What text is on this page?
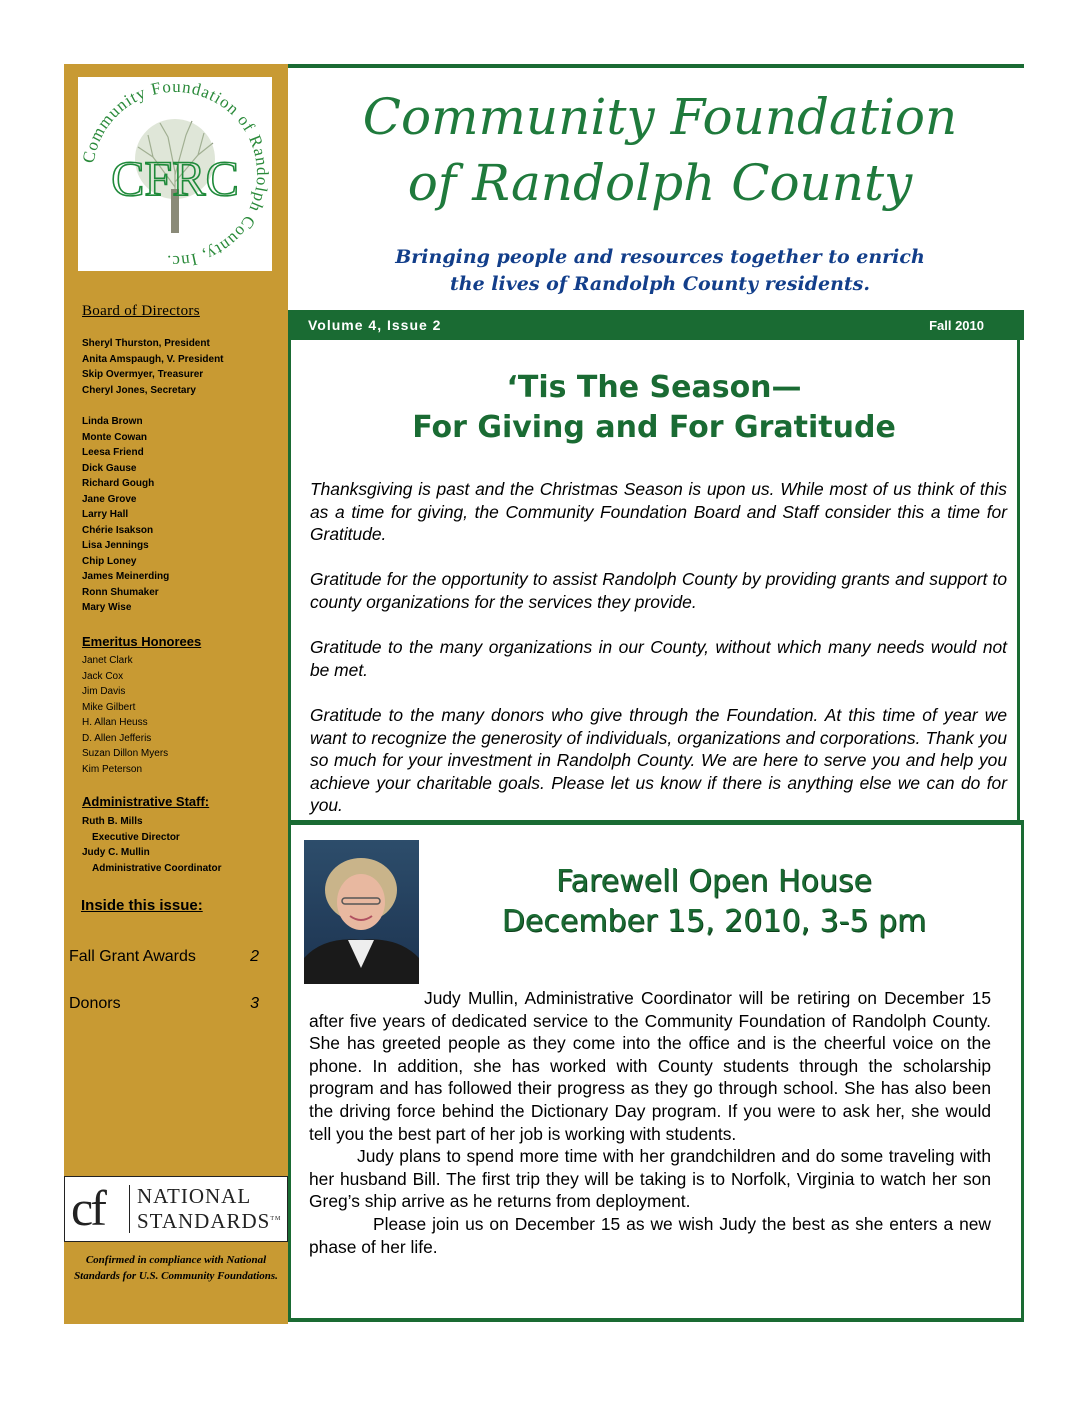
CFRC
Community Foundation of Randolph County, Inc.
Board of Directors
Sheryl Thurston, President
Anita Amspaugh, V. President
Skip Overmyer, Treasurer
Cheryl Jones, Secretary
Linda Brown
Monte Cowan
Leesa Friend
Dick Gause
Richard Gough
Jane Grove
Larry Hall
Chérie Isakson
Lisa Jennings
Chip Loney
James Meinerding
Ronn Shumaker
Mary Wise
Emeritus Honorees
Janet Clark
Jack Cox
Jim Davis
Mike Gilbert
H. Allan Heuss
D. Allen Jefferis
Suzan Dillon Myers
Kim Peterson
Administrative Staff:
Ruth B. Mills
Executive Director
Judy C. Mullin
Administrative Coordinator
Inside this issue:
Fall Grant Awards	2
Donors	3
cf NATIONAL
STANDARDS™
Confirmed in compliance with National Standards for U.S. Community Foundations.
Community Foundation
of Randolph County
Bringing people and resources together to enrich
the lives of Randolph County residents.
Volume 4, Issue 2	Fall 2010
‘Tis The Season—
For Giving and For Gratitude

Thanksgiving is past and the Christmas Season is upon us. While most of us think of this as a time for giving, the Community Foundation Board and Staff consider this a time for Gratitude.

Gratitude for the opportunity to assist Randolph County by providing grants and support to county organizations for the services they provide.

Gratitude to the many organizations in our County, without which many needs would not be met.

Gratitude to the many donors who give through the Foundation. At this time of year we want to recognize the generosity of individuals, organizations and corporations. Thank you so much for your investment in Randolph County. We are here to serve you and help you achieve your charitable goals. Please let us know if there is anything else we can do for you.

Farewell Open House
December 15, 2010, 3-5 pm

Judy Mullin, Administrative Coordinator will be retiring on December 15 after five years of dedicated service to the Community Foundation of Randolph County. She has greeted people as they come into the office and is the cheerful voice on the phone. In addition, she has worked with County students through the scholarship program and has followed their progress as they go through school. She has also been the driving force behind the Dictionary Day program. If you were to ask her, she would tell you the best part of her job is working with students.

Judy plans to spend more time with her grandchildren and do some traveling with her husband Bill. The first trip they will be taking is to Norfolk, Virginia to watch her son Greg’s ship arrive as he returns from deployment.

Please join us on December 15 as we wish Judy the best as she enters a new phase of her life.
